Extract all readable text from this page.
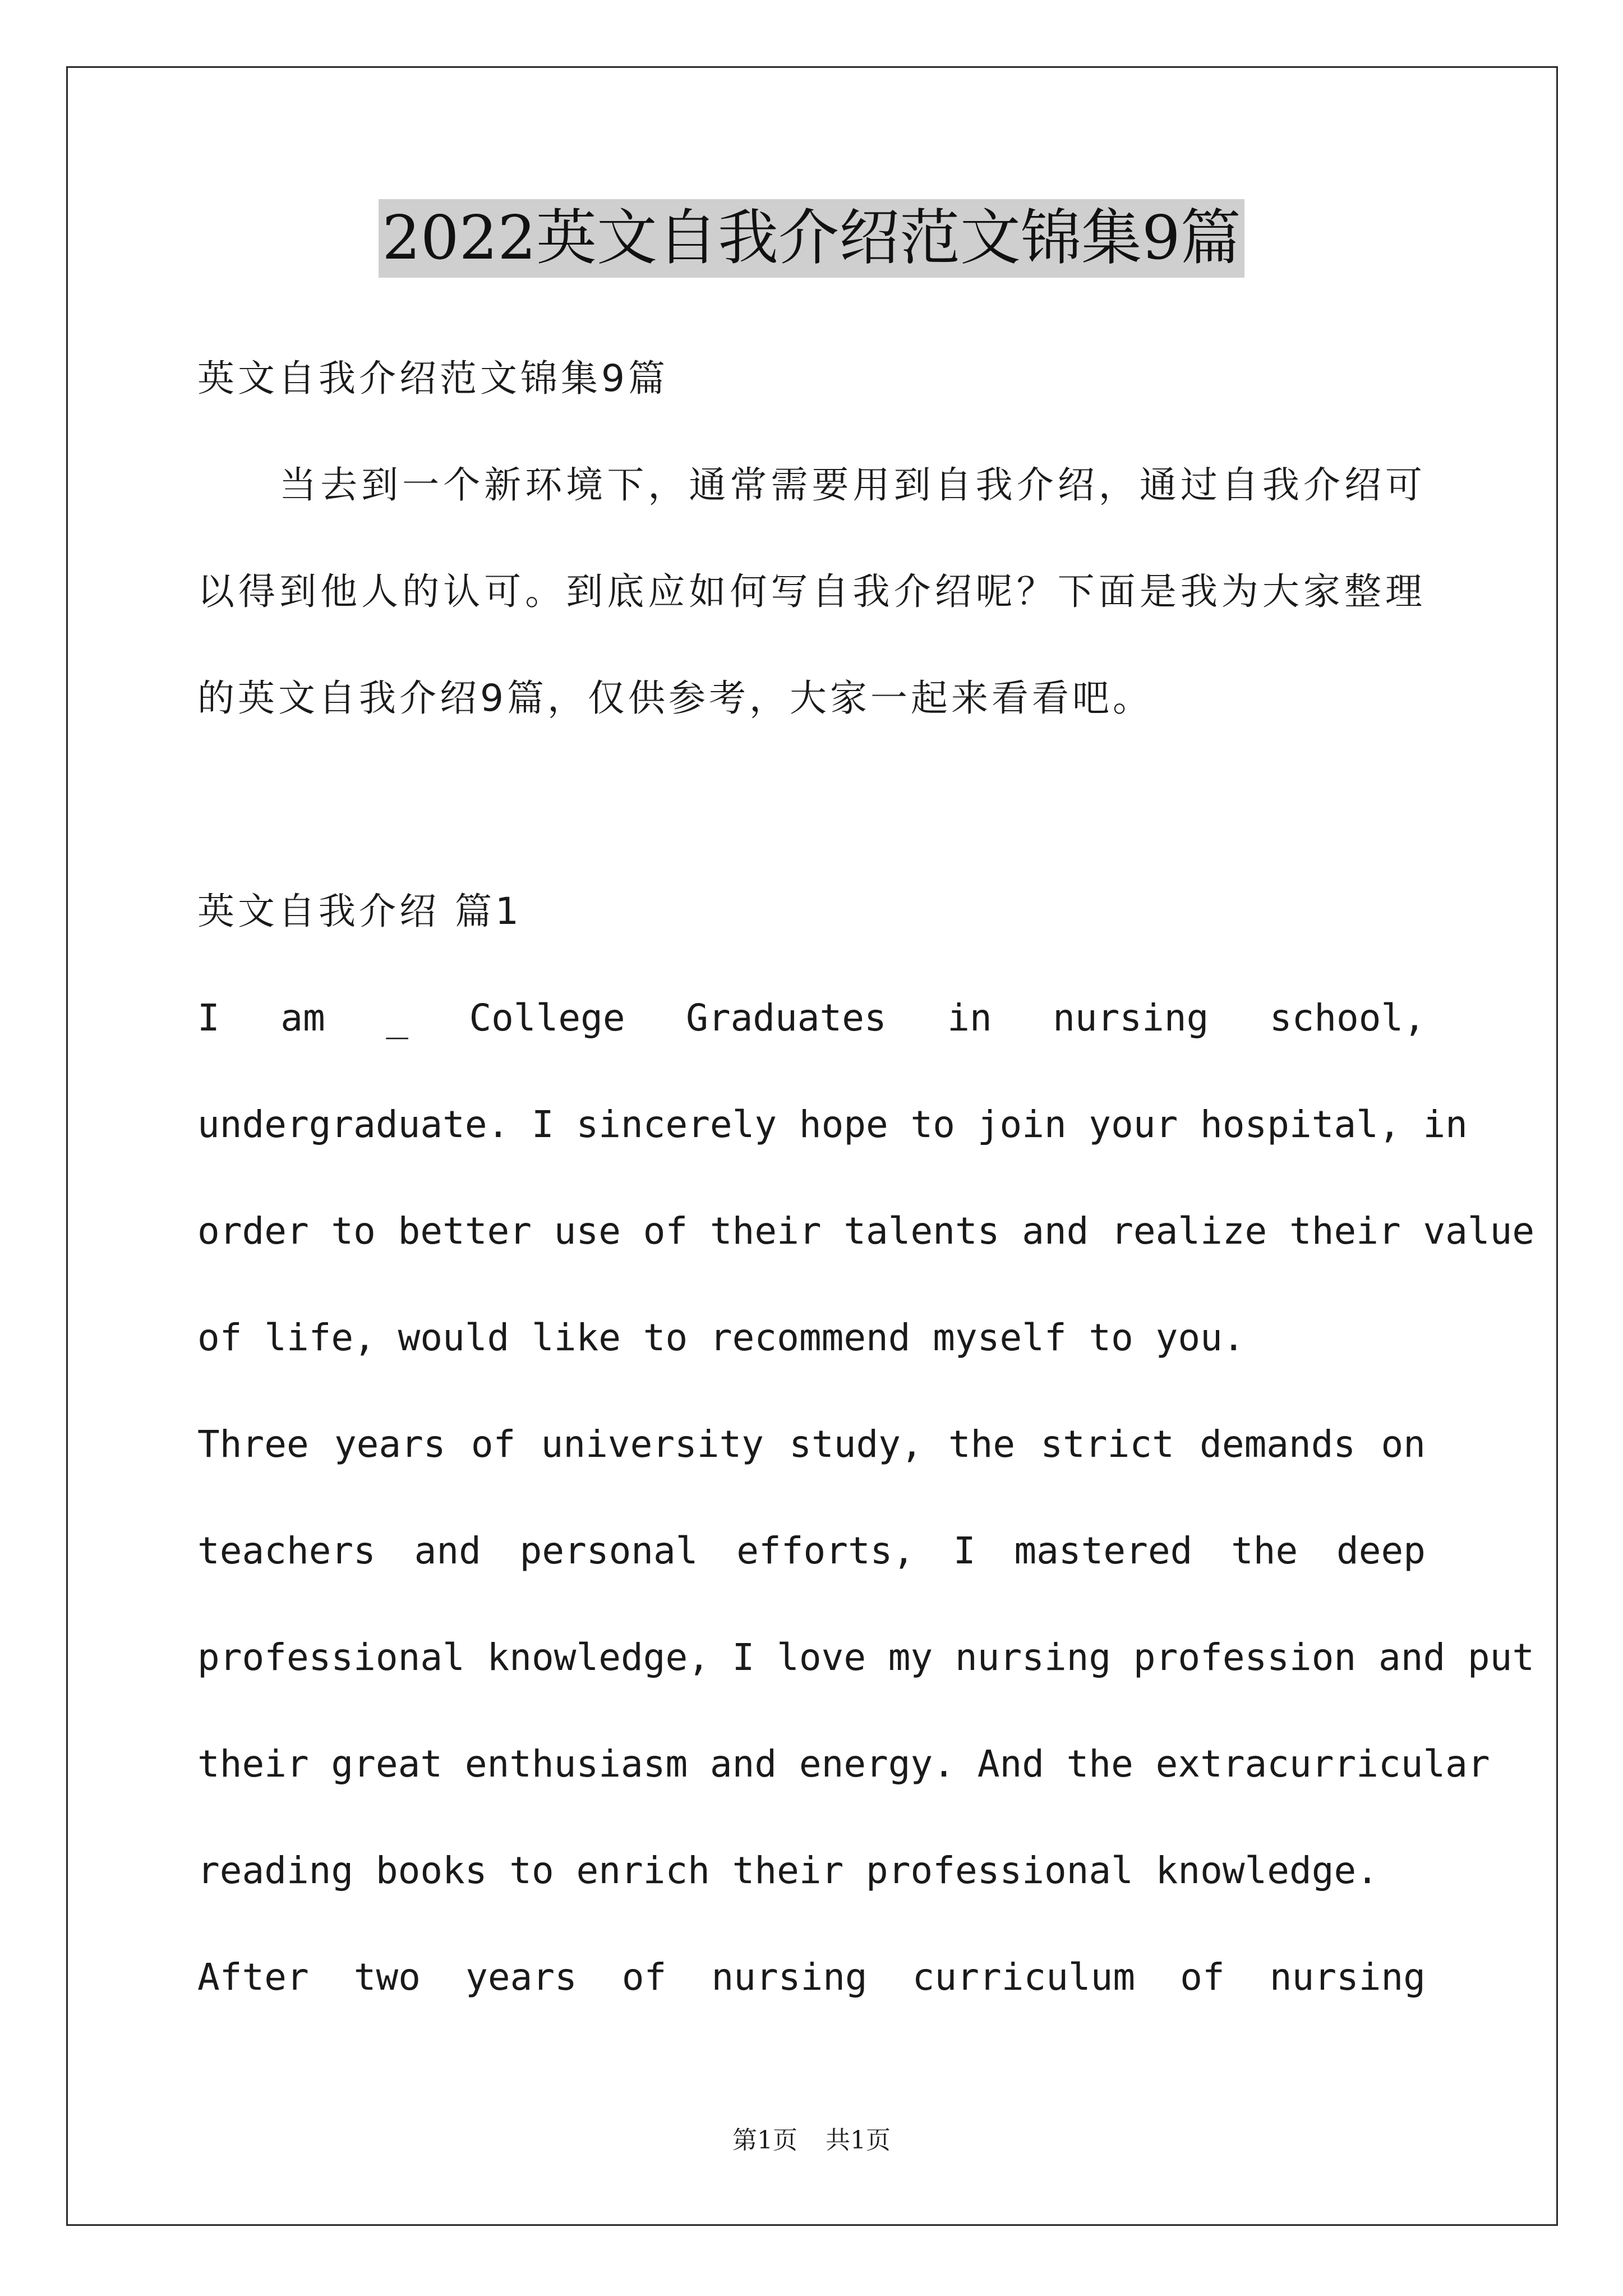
2022英文自我介绍范文锦集9篇
英文自我介绍范文锦集9篇
　　当去到一个新环境下，通常需要用到自我介绍，通过自我介绍可
以得到他人的认可。到底应如何写自我介绍呢？下面是我为大家整理
的英文自我介绍9篇，仅供参考，大家一起来看看吧。
英文自我介绍 篇1
I am _ College Graduates in nursing school,
undergraduate. I sincerely hope to join your hospital, in
order to better use of their talents and realize their value
of life, would like to recommend myself to you.
Three years of university study, the strict demands on
teachers and personal efforts, I mastered the deep
professional knowledge, I love my nursing profession and put
their great enthusiasm and energy. And the extracurricular
reading books to enrich their professional knowledge.
After two years of nursing curriculum of nursing
第1页 共1页
